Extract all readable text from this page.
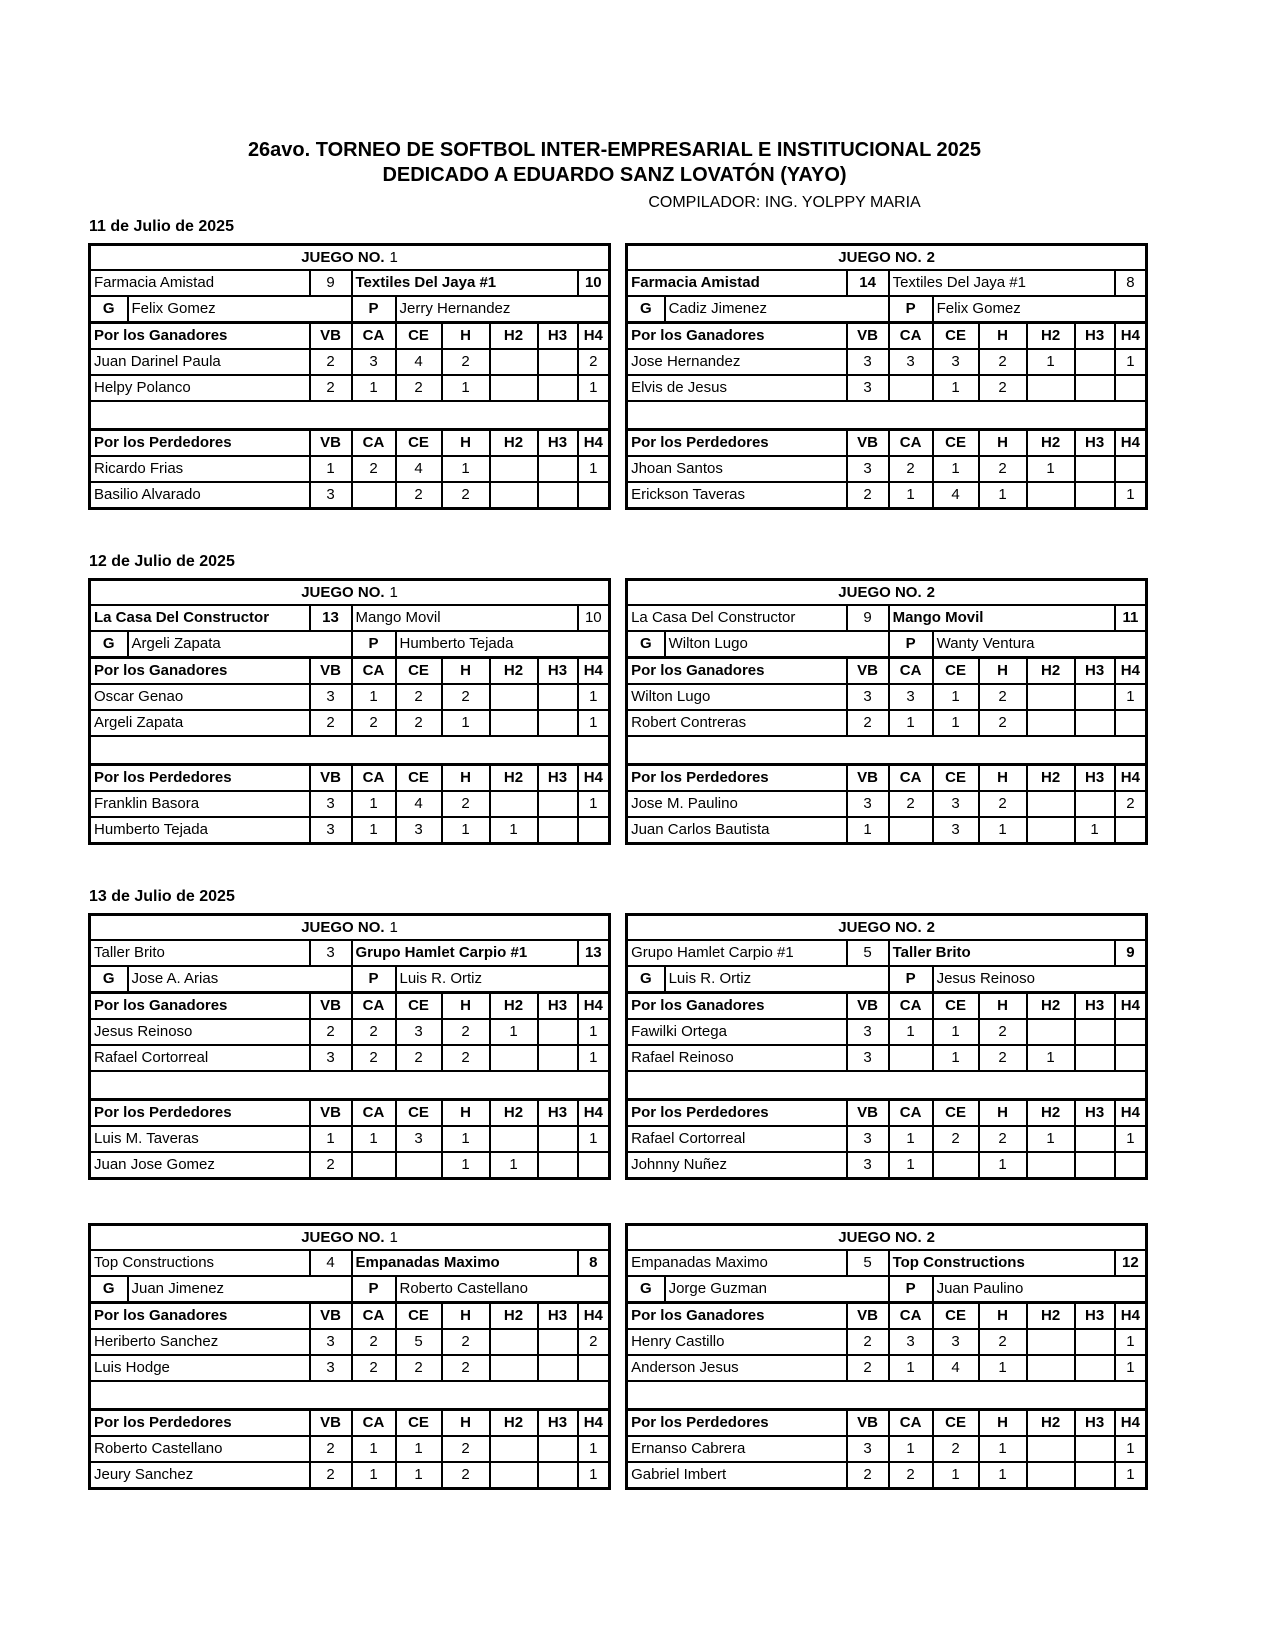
26avo. TORNEO DE SOFTBOL INTER-EMPRESARIAL E INSTITUCIONAL 2025
DEDICADO A EDUARDO SANZ LOVATÓN (YAYO)
COMPILADOR: ING. YOLPPY MARIA
11 de Julio de 2025
JUEGO NO. 1								
Farmacia Amistad		9	Textiles Del Jaya #1					10
G	Felix Gomez		P	Jerry Hernandez				
Por los Ganadores		VB	CA	CE	H	H2	H3	H4
Juan Darinel Paula		2	3	4	2			2
Helpy Polanco		2	1	2	1			1

Por los Perdedores		VB	CA	CE	H	H2	H3	H4
Ricardo Frias		1	2	4	1			1
Basilio Alvarado		3		2	2			
JUEGO NO. 2								
Farmacia Amistad		14	Textiles Del Jaya #1					8
G	Cadiz Jimenez		P	Felix Gomez				
Por los Ganadores		VB	CA	CE	H	H2	H3	H4
Jose Hernandez		3	3	3	2	1		1
Elvis de Jesus		3		1	2			

Por los Perdedores		VB	CA	CE	H	H2	H3	H4
Jhoan Santos		3	2	1	2	1		
Erickson Taveras		2	1	4	1			1
12 de Julio de 2025
JUEGO NO. 1								
La Casa Del Constructor		13	Mango Movil					10
G	Argeli Zapata		P	Humberto Tejada				
Por los Ganadores		VB	CA	CE	H	H2	H3	H4
Oscar Genao		3	1	2	2			1
Argeli Zapata		2	2	2	1			1

Por los Perdedores		VB	CA	CE	H	H2	H3	H4
Franklin Basora		3	1	4	2			1
Humberto Tejada		3	1	3	1	1		
JUEGO NO. 2								
La Casa Del Constructor		9	Mango Movil					11
G	Wilton Lugo		P	Wanty Ventura				
Por los Ganadores		VB	CA	CE	H	H2	H3	H4
Wilton Lugo		3	3	1	2			1
Robert Contreras		2	1	1	2			

Por los Perdedores		VB	CA	CE	H	H2	H3	H4
Jose M. Paulino		3	2	3	2			2
Juan Carlos Bautista		1		3	1		1	
13 de Julio de 2025
JUEGO NO. 1								
Taller Brito		3	Grupo Hamlet Carpio #1					13
G	Jose A. Arias		P	Luis R. Ortiz				
Por los Ganadores		VB	CA	CE	H	H2	H3	H4
Jesus Reinoso		2	2	3	2	1		1
Rafael Cortorreal		3	2	2	2			1

Por los Perdedores		VB	CA	CE	H	H2	H3	H4
Luis M. Taveras		1	1	3	1			1
Juan Jose Gomez		2			1	1		
JUEGO NO. 2								
Grupo Hamlet Carpio #1		5	Taller Brito					9
G	Luis R. Ortiz		P	Jesus Reinoso				
Por los Ganadores		VB	CA	CE	H	H2	H3	H4
Fawilki Ortega		3	1	1	2			
Rafael Reinoso		3		1	2	1		

Por los Perdedores		VB	CA	CE	H	H2	H3	H4
Rafael Cortorreal		3	1	2	2	1		1
Johnny Nuñez		3	1		1			
JUEGO NO. 1								
Top Constructions		4	Empanadas Maximo					8
G	Juan Jimenez		P	Roberto Castellano				
Por los Ganadores		VB	CA	CE	H	H2	H3	H4
Heriberto Sanchez		3	2	5	2			2
Luis Hodge		3	2	2	2			

Por los Perdedores		VB	CA	CE	H	H2	H3	H4
Roberto Castellano		2	1	1	2			1
Jeury Sanchez		2	1	1	2			1
JUEGO NO. 2								
Empanadas Maximo		5	Top Constructions					12
G	Jorge Guzman		P	Juan Paulino				
Por los Ganadores		VB	CA	CE	H	H2	H3	H4
Henry Castillo		2	3	3	2			1
Anderson Jesus		2	1	4	1			1

Por los Perdedores		VB	CA	CE	H	H2	H3	H4
Ernanso Cabrera		3	1	2	1			1
Gabriel Imbert		2	2	1	1			1
